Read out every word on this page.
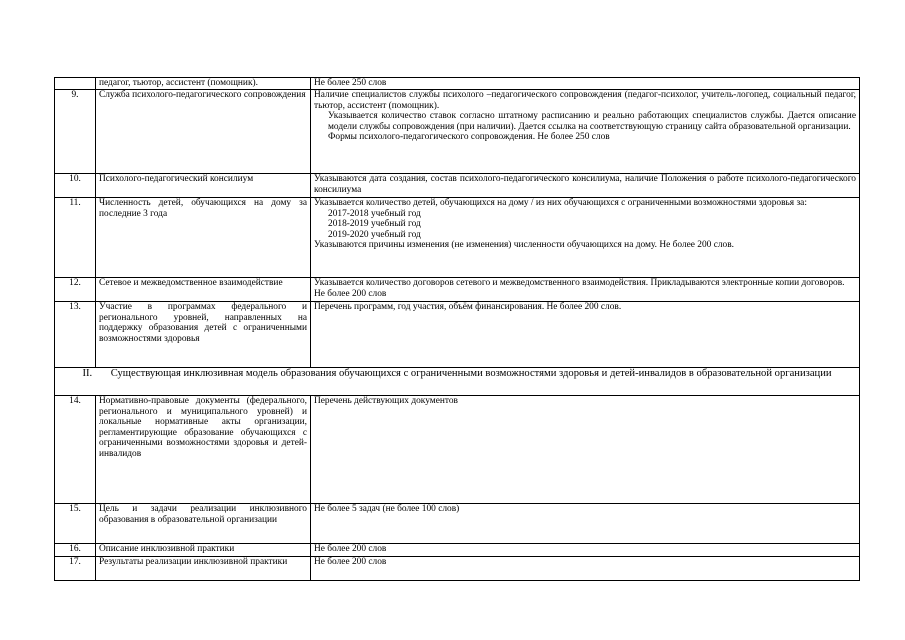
	педагог, тьютор, ассистент (помощник).	Не более 250 слов

9.	Служба психолого-педагогического сопровождения	Наличие специалистов службы психолого –педагогического сопровождения (педагог-психолог, учитель-логопед, социальный педагог, тьютор, ассистент (помощник).
Указывается количество ставок согласно штатному расписанию и реально работающих специалистов службы. Дается описание модели службы сопровождения (при наличии). Дается ссылка на соответствующую страницу сайта образовательной организации.
Формы психолого-педагогического сопровождения. Не более 250 слов

10.	Психолого-педагогический консилиум	Указываются дата создания, состав психолого-педагогического консилиума, наличие Положения о работе психолого-педагогического консилиума

11.	Численность детей, обучающихся на дому за последние 3 года	Указывается количество детей, обучающихся на дому / из них обучающихся с ограниченными возможностями здоровья за:
2017-2018 учебный год
2018-2019 учебный год
2019-2020 учебный год
Указываются причины изменения (не изменения) численности обучающихся на дому. Не более 200 слов.

12.	Сетевое и межведомственное взаимодействие	Указывается количество договоров сетевого и межведомственного взаимодействия. Прикладываются электронные копии договоров. Не более 200 слов

13.	Участие в программах федерального и регионального уровней, направленных на поддержку образования детей с ограниченными возможностями здоровья	Перечень программ, год участия, объём финансирования. Не более 200 слов.

II.       Существующая инклюзивная модель образования обучающихся с ограниченными возможностями здоровья и детей-инвалидов в образовательной организации		
14.	Нормативно-правовые документы (федерального, регионального и муниципального уровней) и локальные нормативные акты организации, регламентирующие образование обучающихся с ограниченными возможностями здоровья и детей-инвалидов	Перечень действующих документов

15.	Цель и задачи реализации инклюзивного образования в образовательной организации	Не более 5 задач (не более 100 слов)

16.	Описание инклюзивной практики	Не более 200 слов

17.	Результаты реализации инклюзивной практики	Не более 200 слов
